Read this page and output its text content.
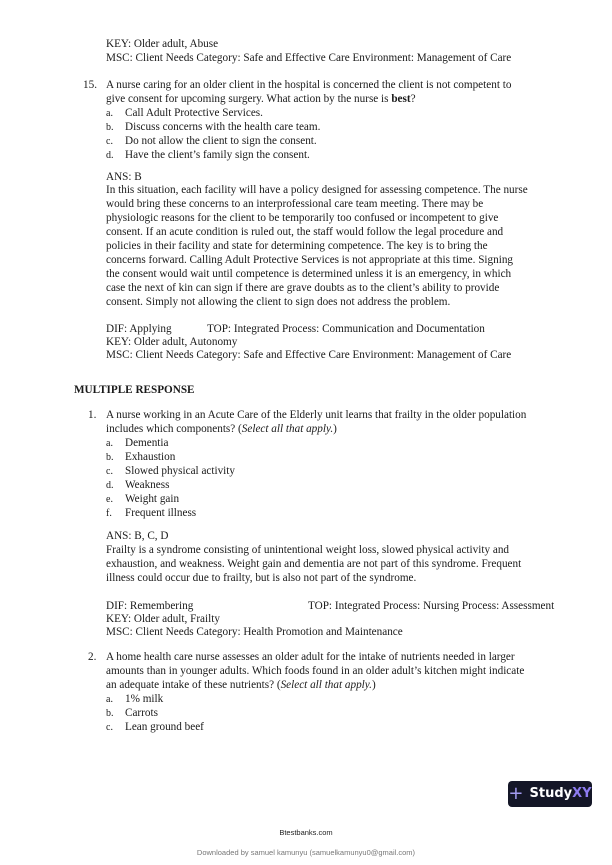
KEY: Older adult, Abuse
MSC: Client Needs Category: Safe and Effective Care Environment: Management of Care
15. A nurse caring for an older client in the hospital is concerned the client is not competent to
give consent for upcoming surgery. What action by the nurse is best?
a. Call Adult Protective Services.
b. Discuss concerns with the health care team.
c. Do not allow the client to sign the consent.
d. Have the client’s family sign the consent.
ANS: B
In this situation, each facility will have a policy designed for assessing competence. The nurse
would bring these concerns to an interprofessional care team meeting. There may be
physiologic reasons for the client to be temporarily too confused or incompetent to give
consent. If an acute condition is ruled out, the staff would follow the legal procedure and
policies in their facility and state for determining competence. The key is to bring the
concerns forward. Calling Adult Protective Services is not appropriate at this time. Signing
the consent would wait until competence is determined unless it is an emergency, in which
case the next of kin can sign if there are grave doubts as to the client’s ability to provide
consent. Simply not allowing the client to sign does not address the problem.
DIF: Applying	TOP: Integrated Process: Communication and Documentation
KEY: Older adult, Autonomy
MSC: Client Needs Category: Safe and Effective Care Environment: Management of Care
MULTIPLE RESPONSE
1. A nurse working in an Acute Care of the Elderly unit learns that frailty in the older population
includes which components? (Select all that apply.)
a. Dementia
b. Exhaustion
c. Slowed physical activity
d. Weakness
e. Weight gain
f. Frequent illness
ANS: B, C, D
Frailty is a syndrome consisting of unintentional weight loss, slowed physical activity and
exhaustion, and weakness. Weight gain and dementia are not part of this syndrome. Frequent
illness could occur due to frailty, but is also not part of the syndrome.
DIF: Remembering	TOP: Integrated Process: Nursing Process: Assessment
KEY: Older adult, Frailty
MSC: Client Needs Category: Health Promotion and Maintenance
2. A home health care nurse assesses an older adult for the intake of nutrients needed in larger
amounts than in younger adults. Which foods found in an older adult’s kitchen might indicate
an adequate intake of these nutrients? (Select all that apply.)
a. 1% milk
b. Carrots
c. Lean ground beef
+ StudyXY
Btestbanks.com
Downloaded by samuel kamunyu (samuelkamunyu0@gmail.com)
